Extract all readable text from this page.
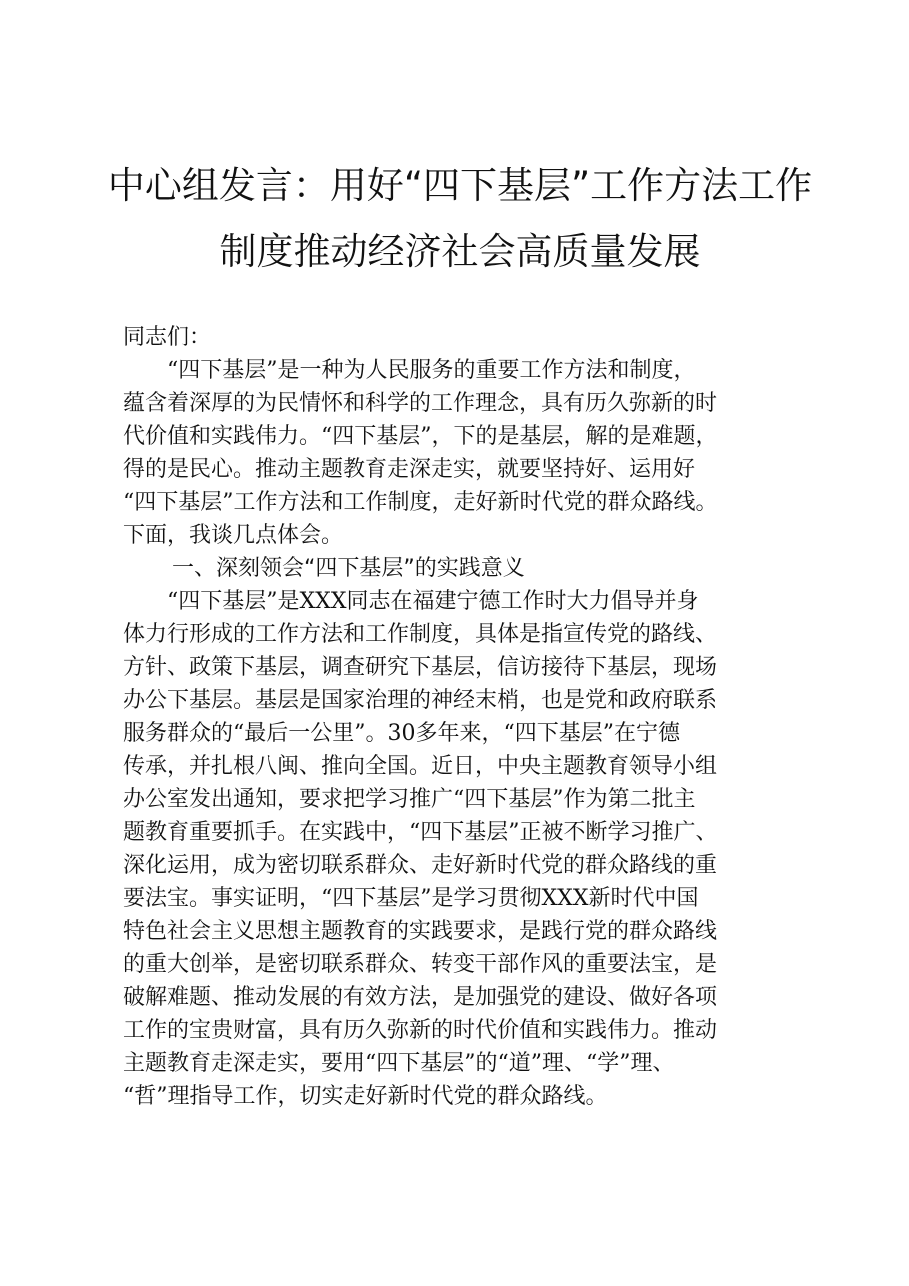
中心组发言：用好“四下基层”工作方法工作
制度推动经济社会高质量发展
同志们：
　　“四下基层”是一种为人民服务的重要工作方法和制度，
蕴含着深厚的为民情怀和科学的工作理念，具有历久弥新的时
代价值和实践伟力。“四下基层”，下的是基层，解的是难题，
得的是民心。推动主题教育走深走实，就要坚持好、运用好
“四下基层”工作方法和工作制度，走好新时代党的群众路线。
下面，我谈几点体会。
一、深刻领会“四下基层”的实践意义
　　“四下基层”是XXX同志在福建宁德工作时大力倡导并身
体力行形成的工作方法和工作制度，具体是指宣传党的路线、
方针、政策下基层，调查研究下基层，信访接待下基层，现场
办公下基层。基层是国家治理的神经末梢，也是党和政府联系
服务群众的“最后一公里”。30多年来，“四下基层”在宁德
传承，并扎根八闽、推向全国。近日，中央主题教育领导小组
办公室发出通知，要求把学习推广“四下基层”作为第二批主
题教育重要抓手。在实践中，“四下基层”正被不断学习推广、
深化运用，成为密切联系群众、走好新时代党的群众路线的重
要法宝。事实证明，“四下基层”是学习贯彻XXX新时代中国
特色社会主义思想主题教育的实践要求，是践行党的群众路线
的重大创举，是密切联系群众、转变干部作风的重要法宝，是
破解难题、推动发展的有效方法，是加强党的建设、做好各项
工作的宝贵财富，具有历久弥新的时代价值和实践伟力。推动
主题教育走深走实，要用“四下基层”的“道”理、“学”理、
“哲”理指导工作，切实走好新时代党的群众路线。
